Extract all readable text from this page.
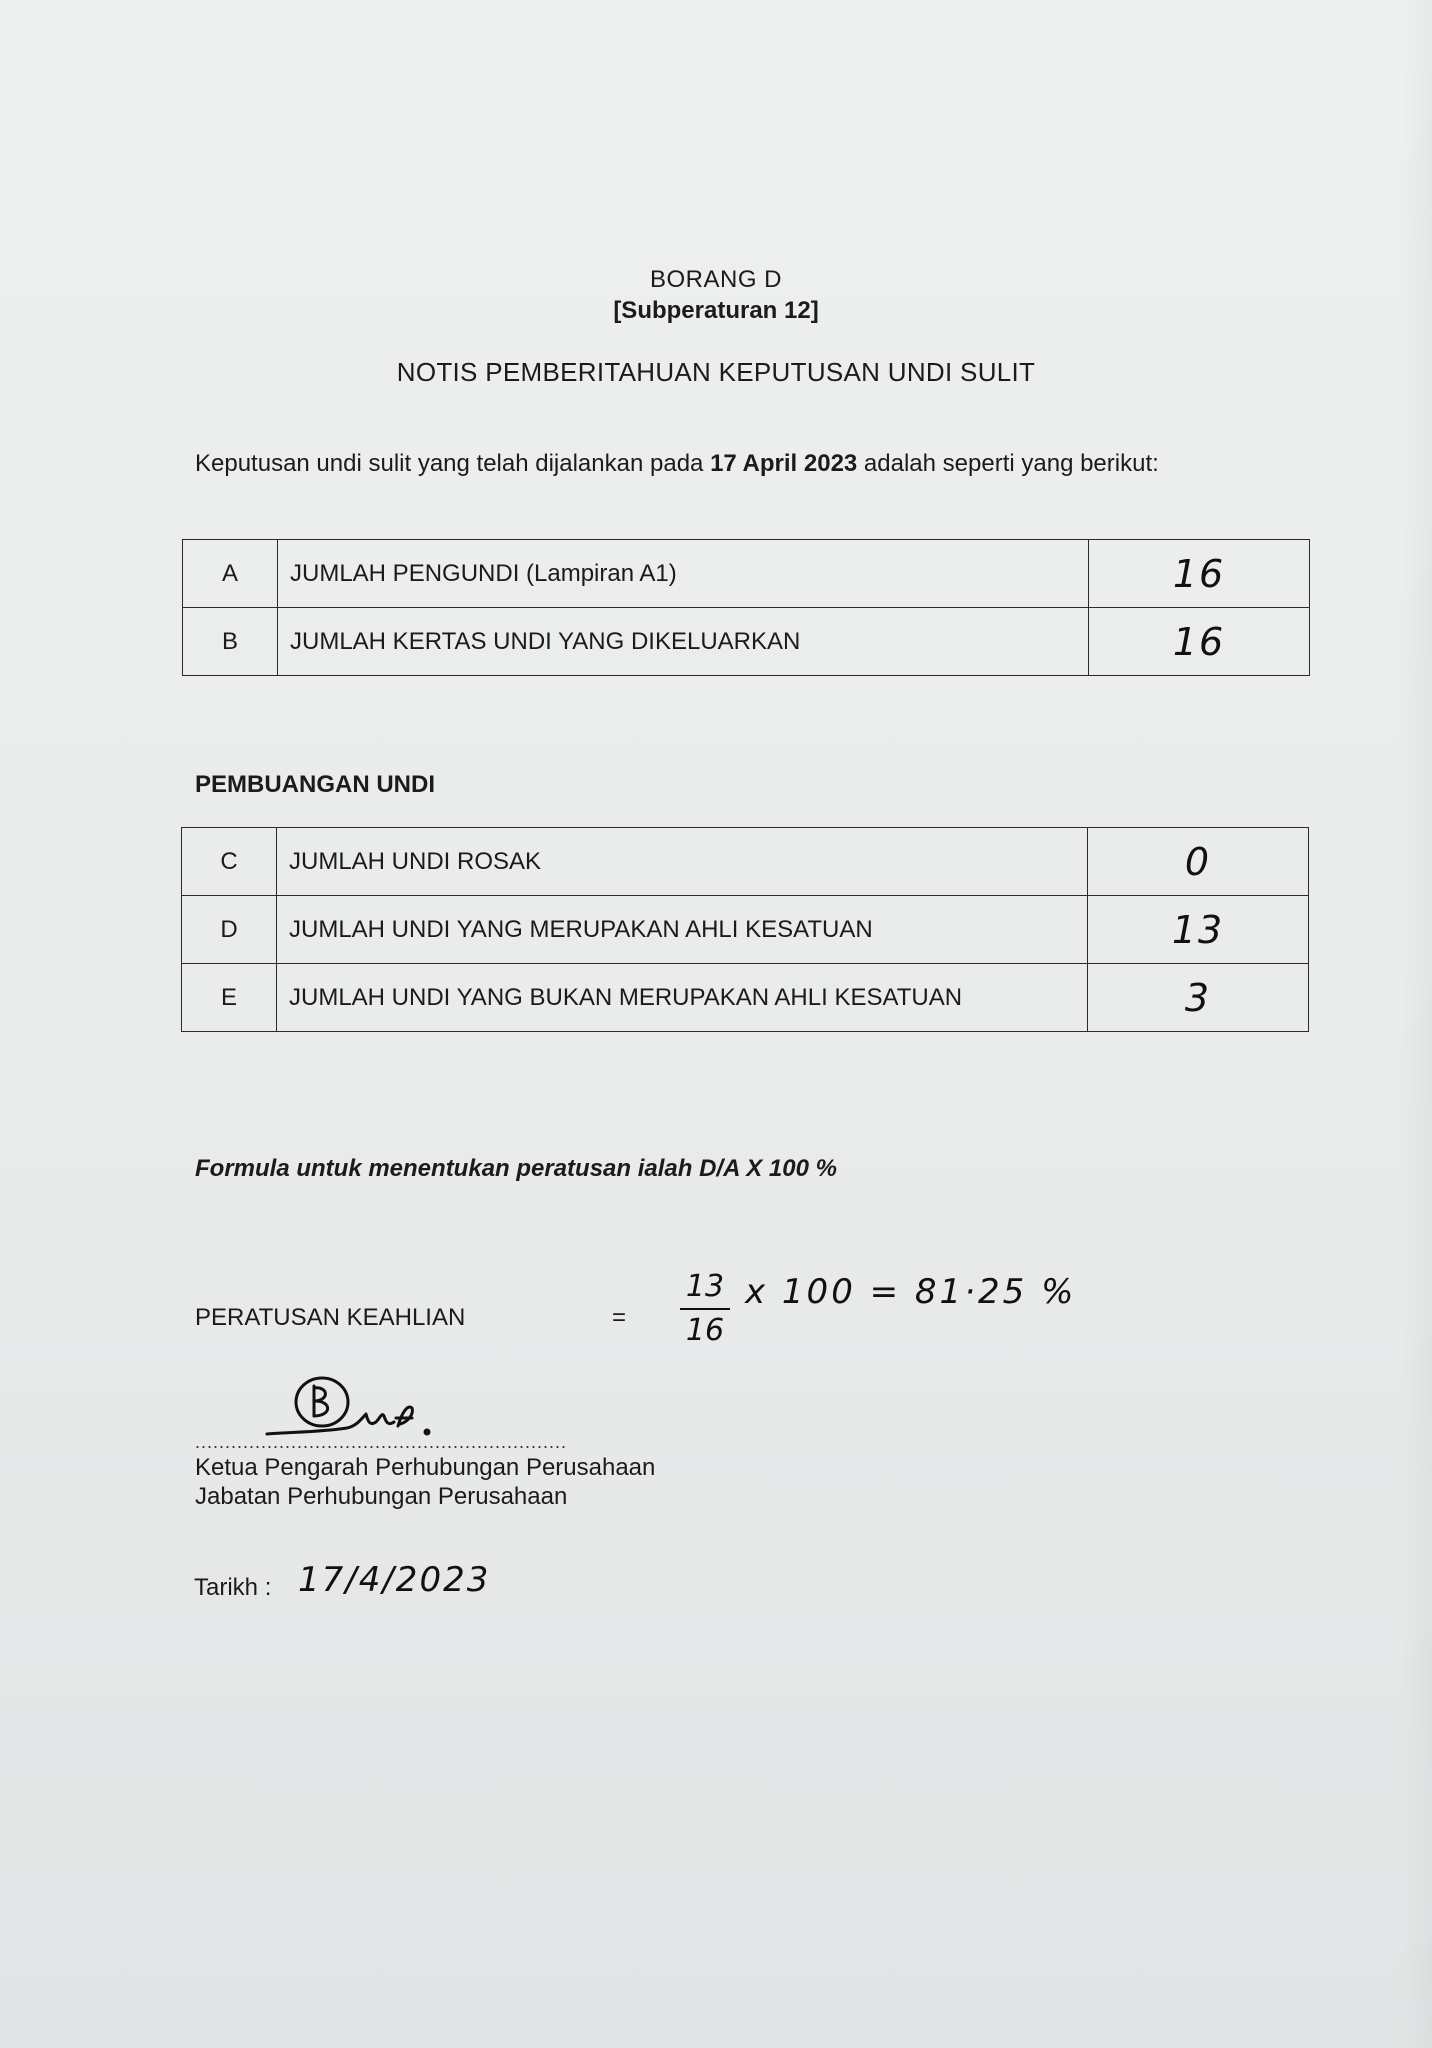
BORANG D
[Subperaturan 12]
NOTIS PEMBERITAHUAN KEPUTUSAN UNDI SULIT
Keputusan undi sulit yang telah dijalankan pada 17 April 2023 adalah seperti yang berikut:
A	JUMLAH PENGUNDI (Lampiran A1)	16
B	JUMLAH KERTAS UNDI YANG DIKELUARKAN	16
PEMBUANGAN UNDI
C	JUMLAH UNDI ROSAK	0
D	JUMLAH UNDI YANG MERUPAKAN AHLI KESATUAN	13
E	JUMLAH UNDI YANG BUKAN MERUPAKAN AHLI KESATUAN	3
Formula untuk menentukan peratusan ialah D/A X 100 %
PERATUSAN KEAHLIAN	= $\frac{13}{16}$ x 100 = 81·25 %
..............................................................
Ketua Pengarah Perhubungan Perusahaan
Jabatan Perhubungan Perusahaan
Tarikh : 17/4/2023
